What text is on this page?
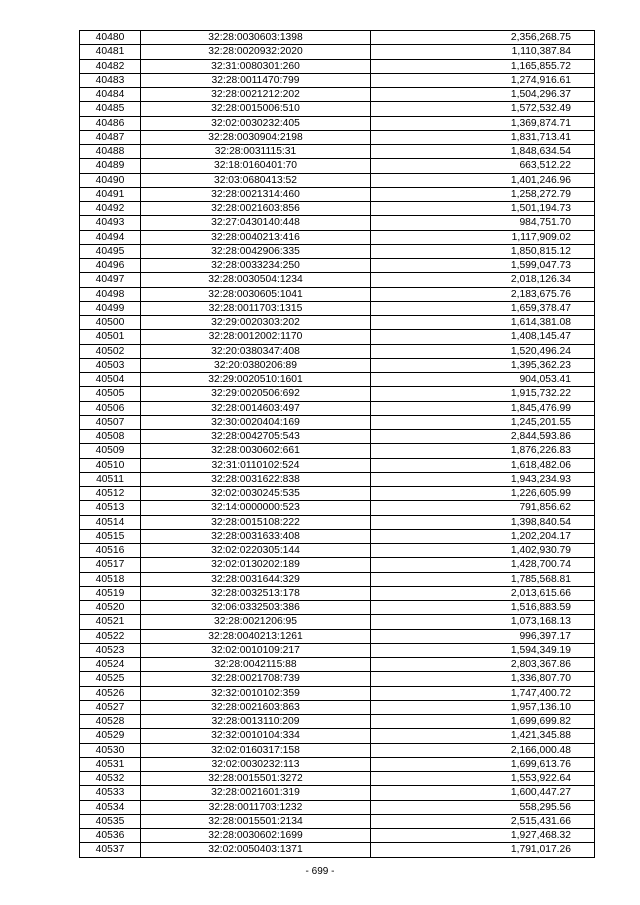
40480	32:28:0030603:1398	2,356,268.75
40481	32:28:0020932:2020	1,110,387.84
40482	32:31:0080301:260	1,165,855.72
40483	32:28:0011470:799	1,274,916.61
40484	32:28:0021212:202	1,504,296.37
40485	32:28:0015006:510	1,572,532.49
40486	32:02:0030232:405	1,369,874.71
40487	32:28:0030904:2198	1,831,713.41
40488	32:28:0031115:31	1,848,634.54
40489	32:18:0160401:70	663,512.22
40490	32:03:0680413:52	1,401,246.96
40491	32:28:0021314:460	1,258,272.79
40492	32:28:0021603:856	1,501,194.73
40493	32:27:0430140:448	984,751.70
40494	32:28:0040213:416	1,117,909.02
40495	32:28:0042906:335	1,850,815.12
40496	32:28:0033234:250	1,599,047.73
40497	32:28:0030504:1234	2,018,126.34
40498	32:28:0030605:1041	2,183,675.76
40499	32:28:0011703:1315	1,659,378.47
40500	32:29:0020303:202	1,614,381.08
40501	32:28:0012002:1170	1,408,145.47
40502	32:20:0380347:408	1,520,496.24
40503	32:20:0380206:89	1,395,362.23
40504	32:29:0020510:1601	904,053.41
40505	32:29:0020506:692	1,915,732.22
40506	32:28:0014603:497	1,845,476.99
40507	32:30:0020404:169	1,245,201.55
40508	32:28:0042705:543	2,844,593.86
40509	32:28:0030602:661	1,876,226.83
40510	32:31:0110102:524	1,618,482.06
40511	32:28:0031622:838	1,943,234.93
40512	32:02:0030245:535	1,226,605.99
40513	32:14:0000000:523	791,856.62
40514	32:28:0015108:222	1,398,840.54
40515	32:28:0031633:408	1,202,204.17
40516	32:02:0220305:144	1,402,930.79
40517	32:02:0130202:189	1,428,700.74
40518	32:28:0031644:329	1,785,568.81
40519	32:28:0032513:178	2,013,615.66
40520	32:06:0332503:386	1,516,883.59
40521	32:28:0021206:95	1,073,168.13
40522	32:28:0040213:1261	996,397.17
40523	32:02:0010109:217	1,594,349.19
40524	32:28:0042115:88	2,803,367.86
40525	32:28:0021708:739	1,336,807.70
40526	32:32:0010102:359	1,747,400.72
40527	32:28:0021603:863	1,957,136.10
40528	32:28:0013110:209	1,699,699.82
40529	32:32:0010104:334	1,421,345.88
40530	32:02:0160317:158	2,166,000.48
40531	32:02:0030232:113	1,699,613.76
40532	32:28:0015501:3272	1,553,922.64
40533	32:28:0021601:319	1,600,447.27
40534	32:28:0011703:1232	558,295.56
40535	32:28:0015501:2134	2,515,431.66
40536	32:28:0030602:1699	1,927,468.32
40537	32:02:0050403:1371	1,791,017.26
- 699 -
